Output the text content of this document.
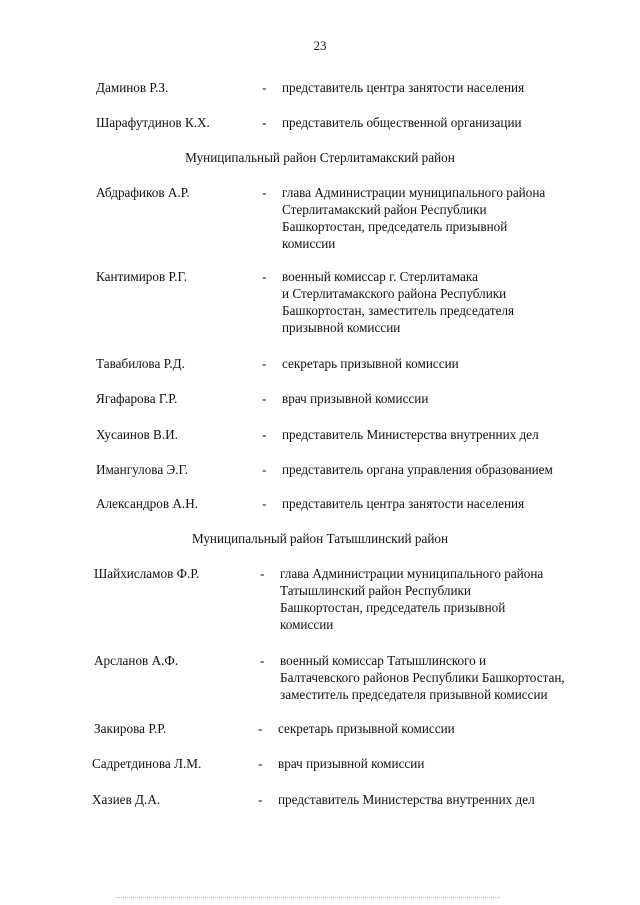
23
Даминов Р.З.	- представитель центра занятости населения
Шарафутдинов К.Х.	- представитель общественной организации
Муниципальный район Стерлитамакский район
Абдрафиков А.Р.	- глава Администрации муниципального района
Стерлитамакский район Республики
Башкортостан, председатель призывной
комиссии
Кантимиров Р.Г.	- военный комиссар г. Стерлитамака
и Стерлитамакского района Республики
Башкортостан, заместитель председателя
призывной комиссии
Тавабилова Р.Д.	- секретарь призывной комиссии
Ягафарова Г.Р.	- врач призывной комиссии
Хусаинов В.И.	- представитель Министерства внутренних дел
Имангулова Э.Г.	- представитель органа управления образованием
Александров А.Н.	- представитель центра занятости населения
Муниципальный район Татышлинский район
Шайхисламов Ф.Р.	- глава Администрации муниципального района
Татышлинский район Республики
Башкортостан, председатель призывной
комиссии
Арсланов А.Ф.	- военный комиссар Татышлинского и
Балтачевского районов Республики Башкортостан,
заместитель председателя призывной комиссии
Закирова Р.Р.	- секретарь призывной комиссии
Садретдинова Л.М.	- врач призывной комиссии
Хазиев Д.А.	- представитель Министерства внутренних дел
